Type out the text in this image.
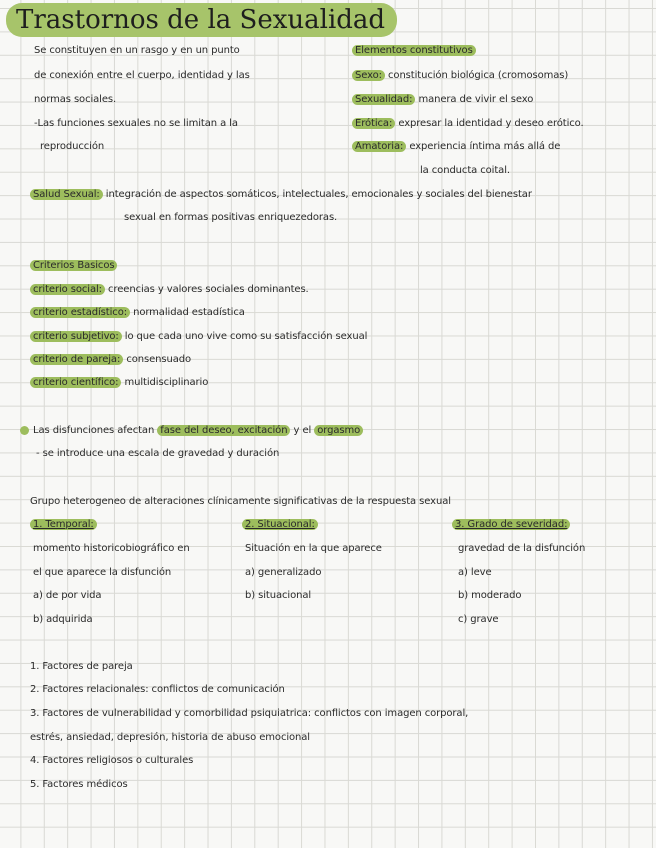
Trastornos de la Sexualidad
Se constituyen en un rasgo y en un punto
de conexión entre el cuerpo, identidad y las
normas sociales.
-Las funciones sexuales no se limitan a la
reproducción
Elementos constitutivos
Sexo: constitución biológica (cromosomas)
Sexualidad: manera de vivir el sexo
Erótica: expresar la identidad y deseo erótico.
Amatoria: experiencia íntima más allá de
la conducta coital.
Salud Sexual: integración de aspectos somáticos, intelectuales, emocionales y sociales del bienestar
sexual en formas positivas enriquezedoras.
Criterios Basicos
criterio social: creencias y valores sociales dominantes.
criterio estadístico: normalidad estadística
criterio subjetivo: lo que cada uno vive como su satisfacción sexual
criterio de pareja: consensuado
criterio científico: multidisciplinario
Las disfunciones afectan fase del deseo, excitación y el orgasmo
- se introduce una escala de gravedad y duración
Grupo heterogeneo de alteraciones clínicamente significativas de la respuesta sexual
1. Temporal:
momento historicobiográfico en
el que aparece la disfunción
a) de por vida
b) adquirida
2. Situacional:
Situación en la que aparece
a) generalizado
b) situacional
3. Grado de severidad:
gravedad de la disfunción
a) leve
b) moderado
c) grave
1. Factores de pareja
2. Factores relacionales: conflictos de comunicación
3. Factores de vulnerabilidad y comorbilidad psiquiatrica: conflictos con imagen corporal,
estrés, ansiedad, depresión, historia de abuso emocional
4. Factores religiosos o culturales
5. Factores médicos
